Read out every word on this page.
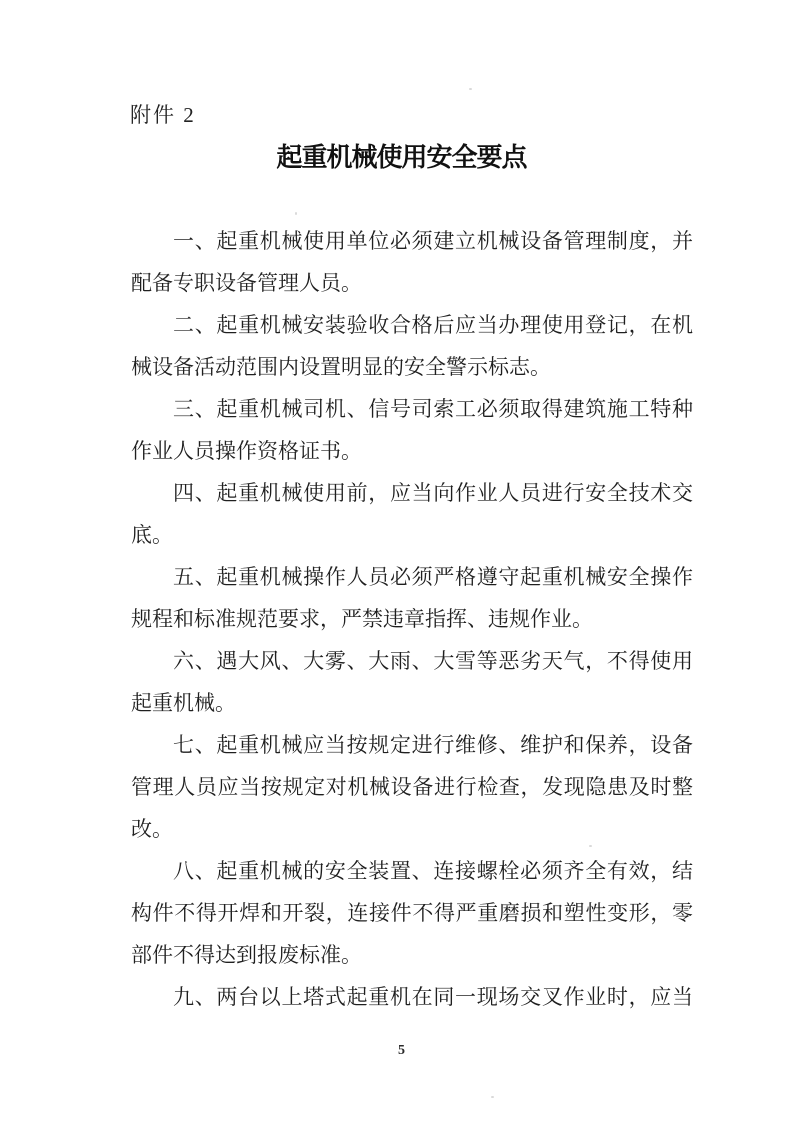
附件 2
起重机械使用安全要点

一、起重机械使用单位必须建立机械设备管理制度，并配备专职设备管理人员。

二、起重机械安装验收合格后应当办理使用登记，在机械设备活动范围内设置明显的安全警示标志。

三、起重机械司机、信号司索工必须取得建筑施工特种作业人员操作资格证书。

四、起重机械使用前，应当向作业人员进行安全技术交底。

五、起重机械操作人员必须严格遵守起重机械安全操作规程和标准规范要求，严禁违章指挥、违规作业。

六、遇大风、大雾、大雨、大雪等恶劣天气，不得使用起重机械。

七、起重机械应当按规定进行维修、维护和保养，设备管理人员应当按规定对机械设备进行检查，发现隐患及时整改。

八、起重机械的安全装置、连接螺栓必须齐全有效，结构件不得开焊和开裂，连接件不得严重磨损和塑性变形，零部件不得达到报废标准。

九、两台以上塔式起重机在同一现场交叉作业时，应当

5
